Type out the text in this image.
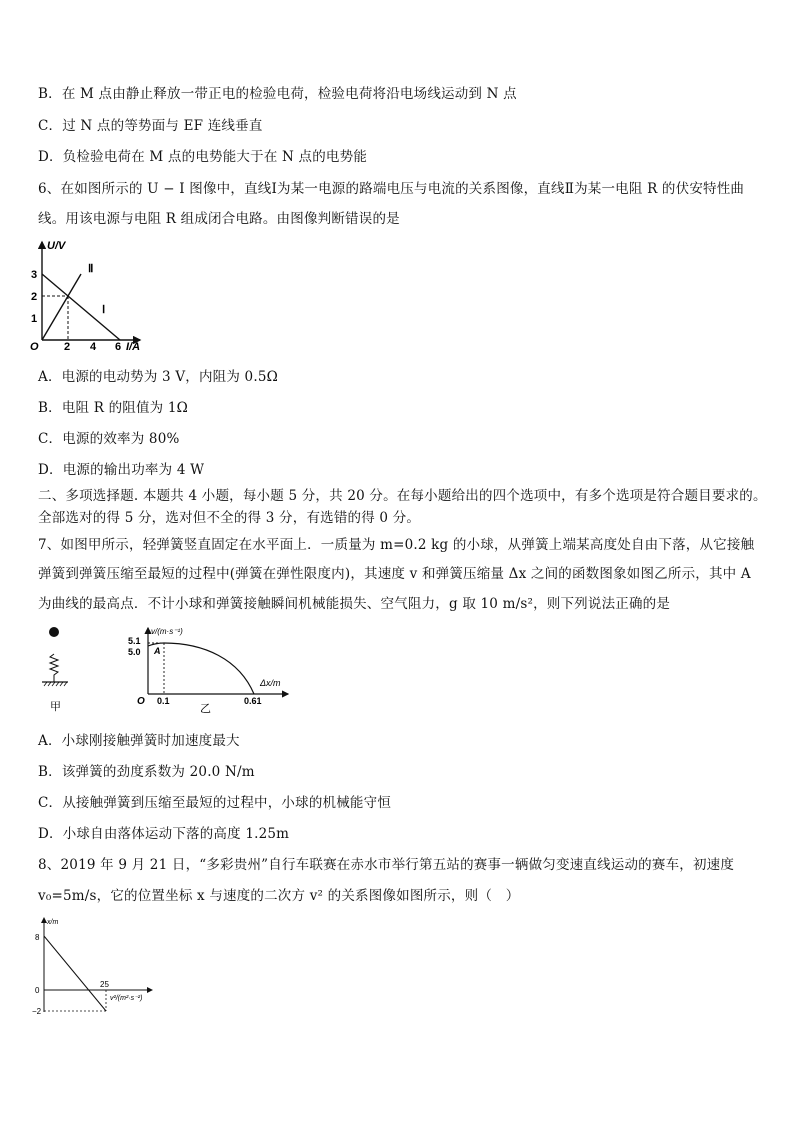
B．在 M 点由静止释放一带正电的检验电荷，检验电荷将沿电场线运动到 N 点
C．过 N 点的等势面与 EF 连线垂直
D．负检验电荷在 M 点的电势能大于在 N 点的电势能
6、在如图所示的 U − I 图像中，直线Ⅰ为某一电源的路端电压与电流的关系图像，直线Ⅱ为某一电阻 R 的伏安特性曲
线。用该电源与电阻 R 组成闭合电路。由图像判断错误的是
U/V
I/A
O
3
2
1
2 4 6
Ⅱ
Ⅰ
A．电源的电动势为 3 V，内阻为 0.5Ω
B．电阻 R 的阻值为 1Ω
C．电源的效率为 80%
D．电源的输出功率为 4 W
二、多项选择题. 本题共 4 小题，每小题 5 分，共 20 分。在每小题给出的四个选项中，有多个选项是符合题目要求的。
全部选对的得 5 分，选对但不全的得 3 分，有选错的得 0 分。
7、如图甲所示，轻弹簧竖直固定在水平面上．一质量为 m=0.2 kg 的小球，从弹簧上端某高度处自由下落，从它接触
弹簧到弹簧压缩至最短的过程中(弹簧在弹性限度内)，其速度 v 和弹簧压缩量 Δx 之间的函数图象如图乙所示，其中 A
为曲线的最高点．不计小球和弹簧接触瞬间机械能损失、空气阻力，g 取 10 m/s²，则下列说法正确的是
甲
v/(m·s⁻¹)
Δx/m
O
5.1
5.0 A
0.1	0.61
乙
A．小球刚接触弹簧时加速度最大
B．该弹簧的劲度系数为 20.0 N/m
C．从接触弹簧到压缩至最短的过程中，小球的机械能守恒
D．小球自由落体运动下落的高度 1.25m
8、2019 年 9 月 21 日，“多彩贵州”自行车联赛在赤水市举行第五站的赛事一辆做匀变速直线运动的赛车，初速度
v₀=5m/s，它的位置坐标 x 与速度的二次方 v² 的关系图像如图所示，则（　）
x/m
v²/(m²·s⁻²)
8
0
−2
25
